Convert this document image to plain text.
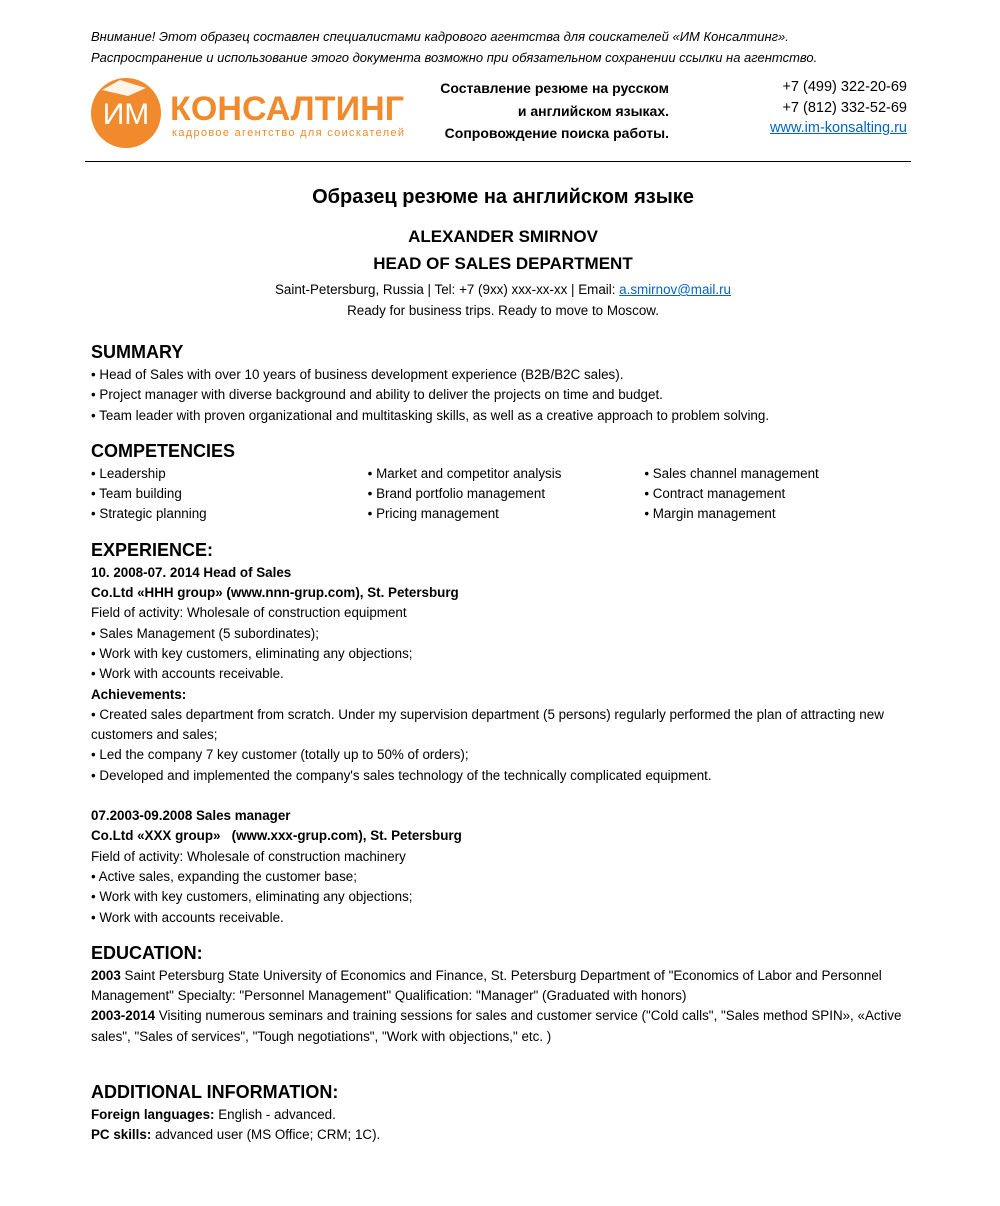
Внимание! Этот образец составлен специалистами кадрового агентства для соискателей «ИМ Консалтинг».
Распространение и использование этого документа возможно при обязательном сохранении ссылки на агентство.
ИМ КОНСАЛТИНГ
кадровое агентство для соискателей
Составление резюме на русском
и английском языках.
Сопровождение поиска работы.
+7 (499) 322-20-69
+7 (812) 332-52-69
www.im-konsalting.ru
Образец резюме на английском языке
ALEXANDER SMIRNOV
HEAD OF SALES DEPARTMENT
Saint-Petersburg, Russia | Tel: +7 (9xx) xxx-xx-xx | Email: a.smirnov@mail.ru
Ready for business trips. Ready to move to Moscow.
SUMMARY

• Head of Sales with over 10 years of business development experience (B2B/B2C sales).

• Project manager with diverse background and ability to deliver the projects on time and budget.

• Team leader with proven organizational and multitasking skills, as well as a creative approach to problem solving.

COMPETENCIES

• Leadership

• Team building

• Strategic planning

• Market and competitor analysis

• Brand portfolio management

• Pricing management

• Sales channel management

• Contract management

• Margin management

EXPERIENCE:

10. 2008-07. 2014 Head of Sales

Co.Ltd «HHH group» (www.nnn-grup.com), St. Petersburg

Field of activity: Wholesale of construction equipment

• Sales Management (5 subordinates);

• Work with key customers, eliminating any objections;

• Work with accounts receivable.

Achievements:

• Created sales department from scratch. Under my supervision department (5 persons) regularly performed the plan of attracting new customers and sales;

• Led the company 7 key customer (totally up to 50% of orders);

• Developed and implemented the company's sales technology of the technically complicated equipment.

07.2003-09.2008 Sales manager

Co.Ltd «XXX group»   (www.xxx-grup.com), St. Petersburg

Field of activity: Wholesale of construction machinery

• Active sales, expanding the customer base;

• Work with key customers, eliminating any objections;

• Work with accounts receivable.

EDUCATION:

2003 Saint Petersburg State University of Economics and Finance, St. Petersburg Department of "Economics of Labor and Personnel Management" Specialty: "Personnel Management" Qualification: "Manager" (Graduated with honors)

2003-2014 Visiting numerous seminars and training sessions for sales and customer service ("Cold calls", "Sales method SPIN», «Active sales", "Sales of services", "Tough negotiations", "Work with objections," etc. )

ADDITIONAL INFORMATION:

Foreign languages: English - advanced.

PC skills: advanced user (MS Office; CRM; 1C).
